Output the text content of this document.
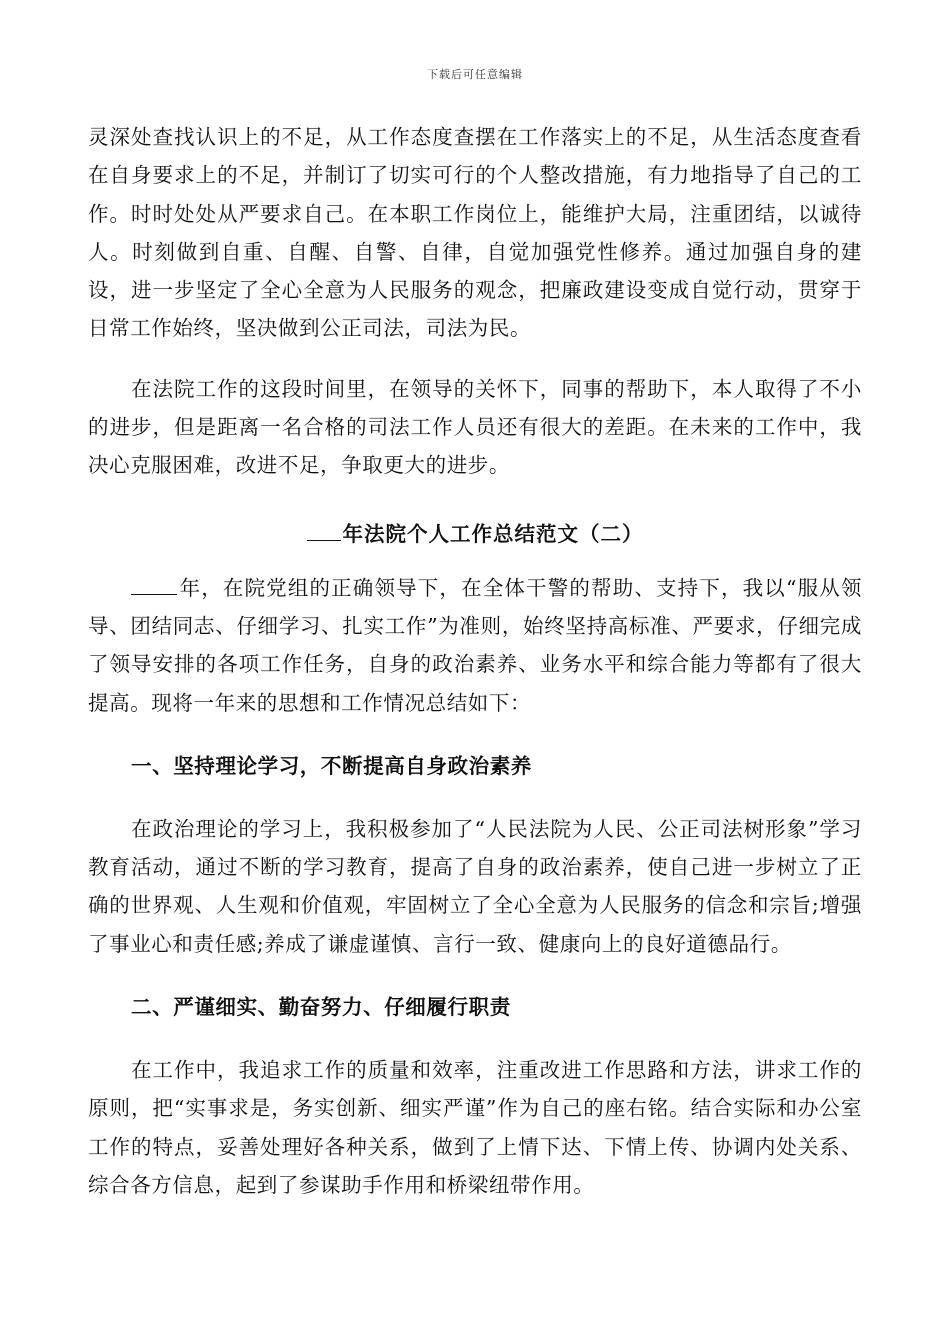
下载后可任意编辑

灵深处查找认识上的不足，从工作态度查摆在工作落实上的不足，从生活态度查看在自身要求上的不足，并制订了切实可行的个人整改措施，有力地指导了自己的工作。时时处处从严要求自己。在本职工作岗位上，能维护大局，注重团结，以诚待人。时刻做到自重、自醒、自警、自律，自觉加强党性修养。通过加强自身的建设，进一步坚定了全心全意为人民服务的观念，把廉政建设变成自觉行动，贯穿于日常工作始终，坚决做到公正司法，司法为民。

在法院工作的这段时间里，在领导的关怀下，同事的帮助下，本人取得了不小的进步，但是距离一名合格的司法工作人员还有很大的差距。在未来的工作中，我决心克服困难，改进不足，争取更大的进步。

年法院个人工作总结范文（二）

年，在院党组的正确领导下，在全体干警的帮助、支持下，我以“服从领导、团结同志、仔细学习、扎实工作”为准则，始终坚持高标准、严要求，仔细完成了领导安排的各项工作任务，自身的政治素养、业务水平和综合能力等都有了很大提高。现将一年来的思想和工作情况总结如下：

一、坚持理论学习，不断提高自身政治素养

在政治理论的学习上，我积极参加了“人民法院为人民、公正司法树形象”学习教育活动，通过不断的学习教育，提高了自身的政治素养，使自己进一步树立了正确的世界观、人生观和价值观，牢固树立了全心全意为人民服务的信念和宗旨;增强了事业心和责任感;养成了谦虚谨慎、言行一致、健康向上的良好道德品行。

二、严谨细实、勤奋努力、仔细履行职责

在工作中，我追求工作的质量和效率，注重改进工作思路和方法，讲求工作的原则，把“实事求是，务实创新、细实严谨”作为自己的座右铭。结合实际和办公室工作的特点，妥善处理好各种关系，做到了上情下达、下情上传、协调内处关系、综合各方信息，起到了参谋助手作用和桥梁纽带作用。
